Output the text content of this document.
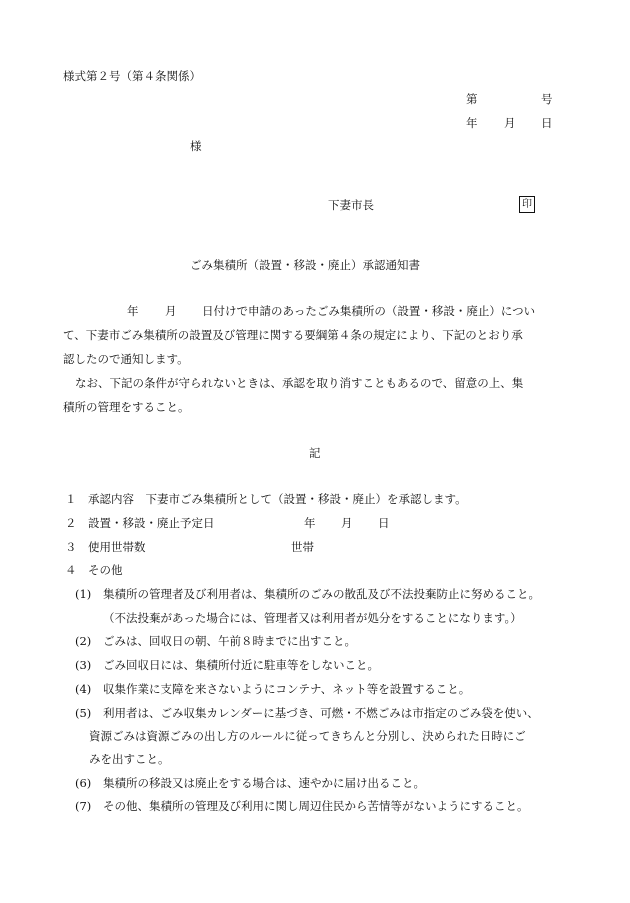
様式第２号（第４条関係）
第	号
年 月 日
様
下妻市長	印
ごみ集積所（設置・移設・廃止）承認通知書
年 月 日付けで申請のあったごみ集積所の（設置・移設・廃止）につい
て、下妻市ごみ集積所の設置及び管理に関する要綱第４条の規定により、下記のとおり承
認したので通知します。
なお、下記の条件が守られないときは、承認を取り消すこともあるので、留意の上、集
積所の管理をすること。
記
１ 承認内容　下妻市ごみ集積所として（設置・移設・廃止）を承認します。
２ 設置・移設・廃止予定日	年 月 日
３ 使用世帯数	世帯
４ その他
(1) 集積所の管理者及び利用者は、集積所のごみの散乱及び不法投棄防止に努めること。
（不法投棄があった場合には、管理者又は利用者が処分をすることになります。）
(2) ごみは、回収日の朝、午前８時までに出すこと。
(3) ごみ回収日には、集積所付近に駐車等をしないこと。
(4) 収集作業に支障を来さないようにコンテナ、ネット等を設置すること。
(5) 利用者は、ごみ収集カレンダーに基づき、可燃・不燃ごみは市指定のごみ袋を使い、
資源ごみは資源ごみの出し方のルールに従ってきちんと分別し、決められた日時にご
みを出すこと。
(6) 集積所の移設又は廃止をする場合は、速やかに届け出ること。
(7) その他、集積所の管理及び利用に関し周辺住民から苦情等がないようにすること。
